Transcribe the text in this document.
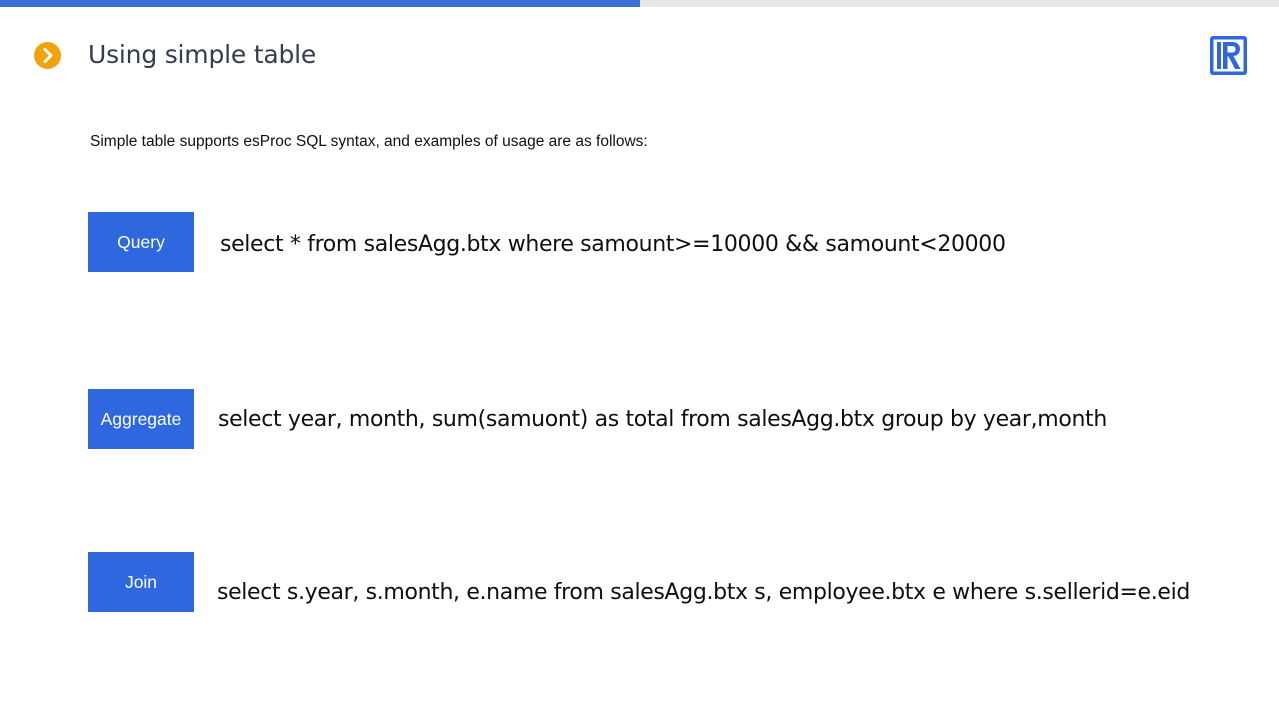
Using simple table
Simple table supports esProc SQL syntax, and examples of usage are as follows:
Query	select * from salesAgg.btx where samount>=10000 && samount<20000
Aggregate	select year, month, sum(samuont) as total from salesAgg.btx group by year,month
Join	select s.year, s.month, e.name from salesAgg.btx s, employee.btx e where s.sellerid=e.eid
